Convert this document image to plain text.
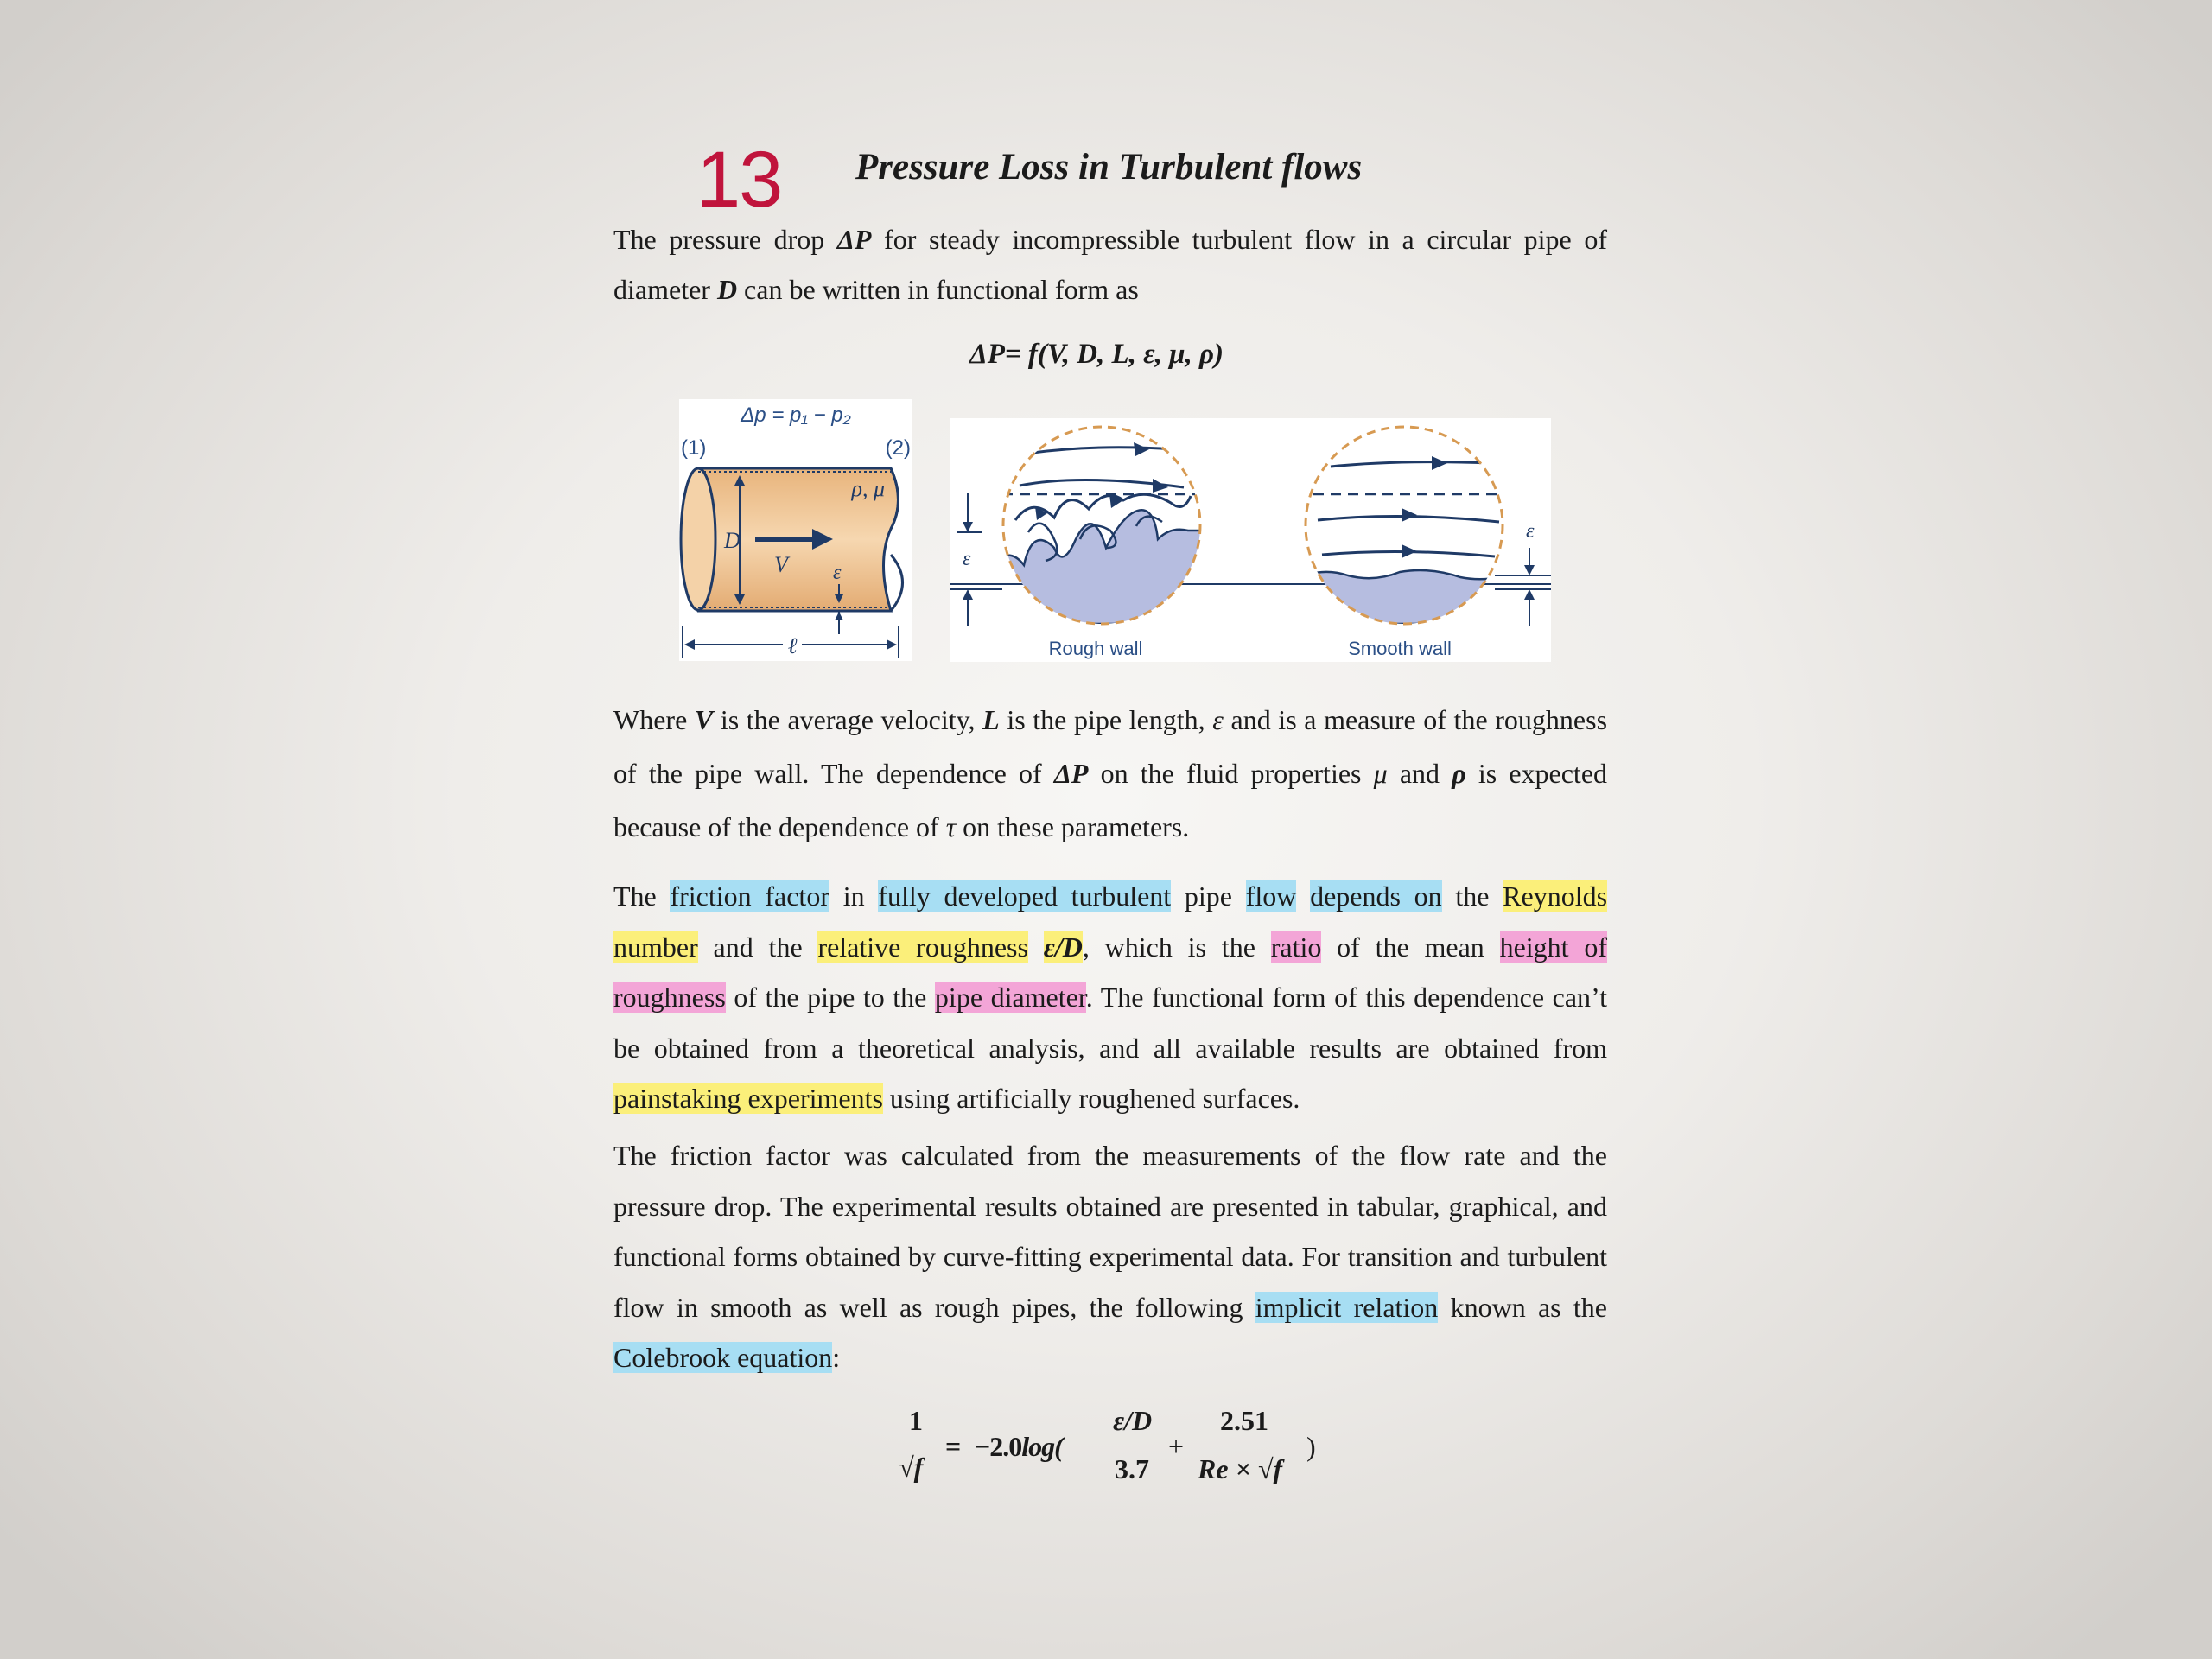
13 Pressure Loss in Turbulent flows
The pressure drop ΔP for steady incompressible turbulent flow in a circular pipe of diameter D can be written in functional form as
ΔP= f(V, D, L, ε, μ, ρ)
Δp = p₁ − p₂
(1)	(2)
ρ, μ
D
V ε
ℓ
ε
ε
Rough wall	Smooth wall
Where V is the average velocity, L is the pipe length, ε and is a measure of the roughness of the pipe wall. The dependence of ΔP on the fluid properties μ and ρ is expected because of the dependence of τ on these parameters.
The friction factor in fully developed turbulent pipe flow depends on the Reynolds number and the relative roughness ε/D, which is the ratio of the mean height of roughness of the pipe to the pipe diameter. The functional form of this dependence can’t be obtained from a theoretical analysis, and all available results are obtained from painstaking experiments using artificially roughened surfaces.
The friction factor was calculated from the measurements of the flow rate and the pressure drop. The experimental results obtained are presented in tabular, graphical, and functional forms obtained by curve-fitting experimental data. For transition and turbulent flow in smooth as well as rough pipes, the following implicit relation known as the Colebrook equation:
1
√f
= −2.0log(
ε/D
3.7
+
2.51
Re × √f
)
